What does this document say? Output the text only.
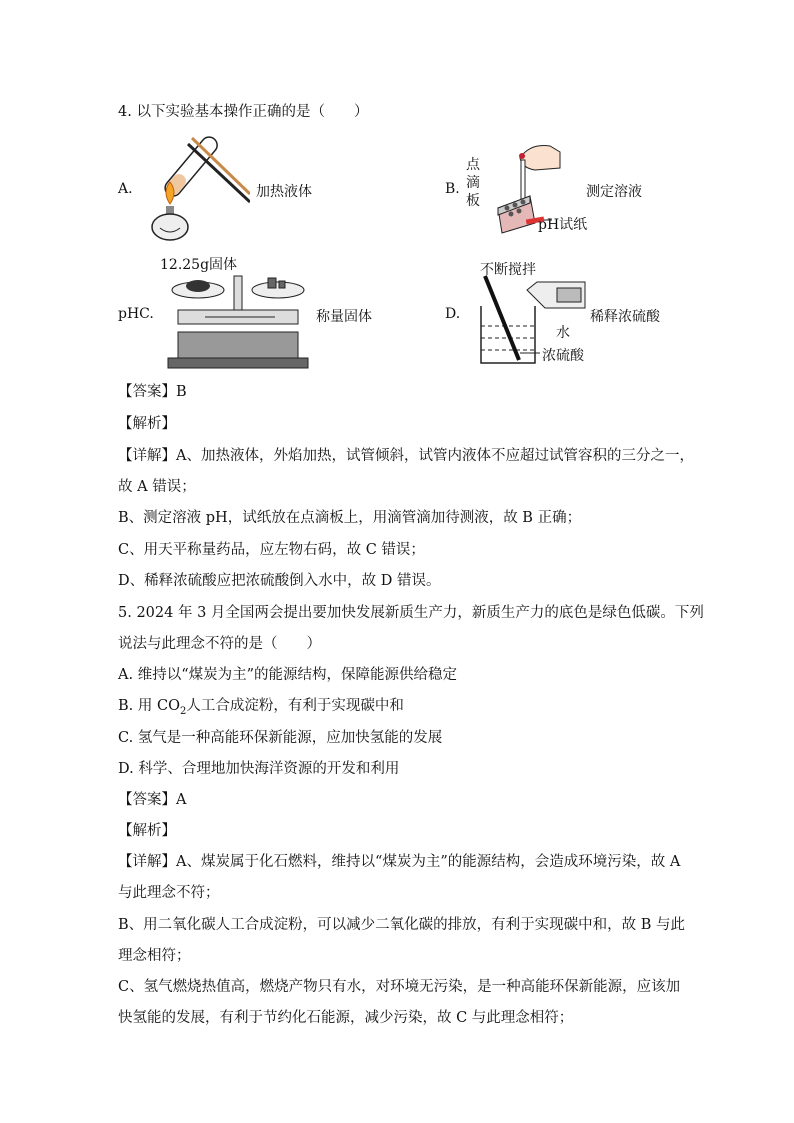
4. 以下实验基本操作正确的是（　　）
A.	加热液体	B.
点
滴
板
pH试纸
测定溶液
pHC.
12.25g固体
称量固体	D.
不断搅拌
水
浓硫酸
稀释浓硫酸
【答案】B
【解析】
【详解】A、加热液体，外焰加热，试管倾斜，试管内液体不应超过试管容积的三分之一，
故 A 错误；
B、测定溶液 pH，试纸放在点滴板上，用滴管滴加待测液，故 B 正确；
C、用天平称量药品，应左物右码，故 C 错误；
D、稀释浓硫酸应把浓硫酸倒入水中，故 D 错误。
5. 2024 年 3 月全国两会提出要加快发展新质生产力，新质生产力的底色是绿色低碳。下列
说法与此理念不符的是（　　）
A. 维持以“煤炭为主”的能源结构，保障能源供给稳定
B. 用 $CO_2$人工合成淀粉，有利于实现碳中和
C. 氢气是一种高能环保新能源，应加快氢能的发展
D. 科学、合理地加快海洋资源的开发和利用
【答案】A
【解析】
【详解】A、煤炭属于化石燃料，维持以“煤炭为主”的能源结构，会造成环境污染，故 A
与此理念不符；
B、用二氧化碳人工合成淀粉，可以减少二氧化碳的排放，有利于实现碳中和，故 B 与此
理念相符；
C、氢气燃烧热值高，燃烧产物只有水，对环境无污染，是一种高能环保新能源，应该加
快氢能的发展，有利于节约化石能源，减少污染，故 C 与此理念相符；
